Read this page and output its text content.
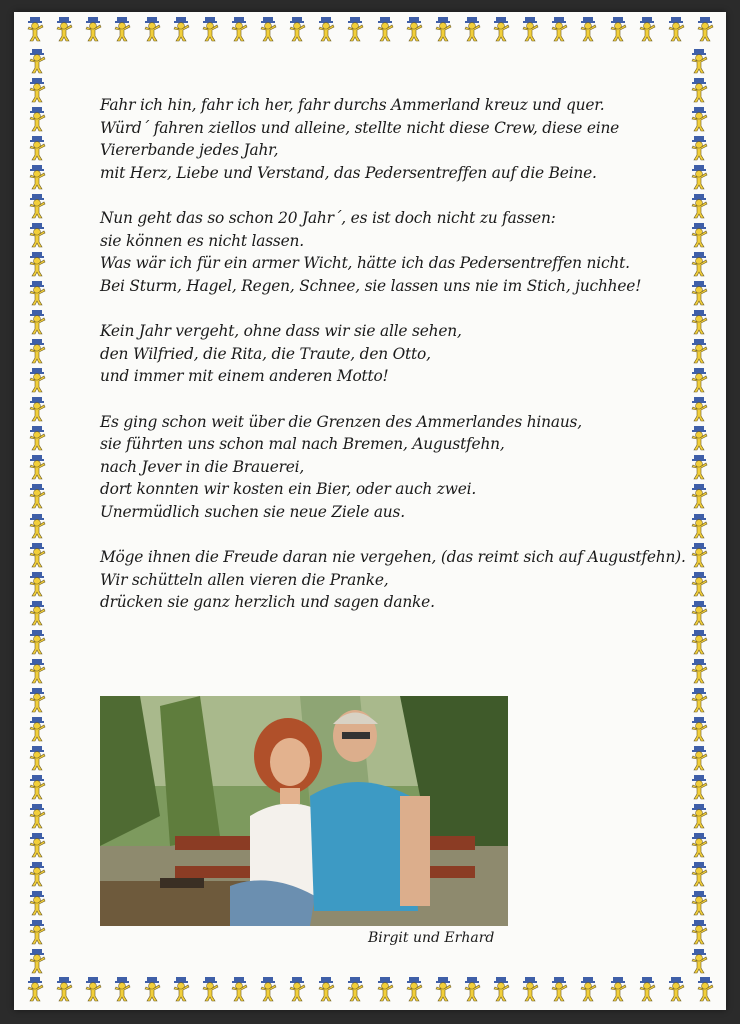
Fahr ich hin, fahr ich her, fahr durchs Ammerland kreuz und quer.
Würd´ fahren ziellos und alleine, stellte nicht diese Crew, diese eine
Viererbande jedes Jahr,
mit Herz, Liebe und Verstand, das Pedersentreffen auf die Beine.
Nun geht das so schon 20 Jahr´, es ist doch nicht zu fassen:
sie können es nicht lassen.
Was wär ich für ein armer Wicht, hätte ich das Pedersentreffen nicht.
Bei Sturm, Hagel, Regen, Schnee, sie lassen uns nie im Stich, juchhee!
Kein Jahr vergeht, ohne dass wir sie alle sehen,
den Wilfried, die Rita, die Traute, den Otto,
und immer mit einem anderen Motto!
Es ging schon weit über die Grenzen des Ammerlandes hinaus,
sie führten uns schon mal nach Bremen, Augustfehn,
nach Jever in die Brauerei,
dort konnten wir kosten ein Bier, oder auch zwei.
Unermüdlich suchen sie neue Ziele aus.
Möge ihnen die Freude daran nie vergehen, (das reimt sich auf Augustfehn).
Wir schütteln allen vieren die Pranke,
drücken sie ganz herzlich und sagen danke.
Birgit und Erhard
